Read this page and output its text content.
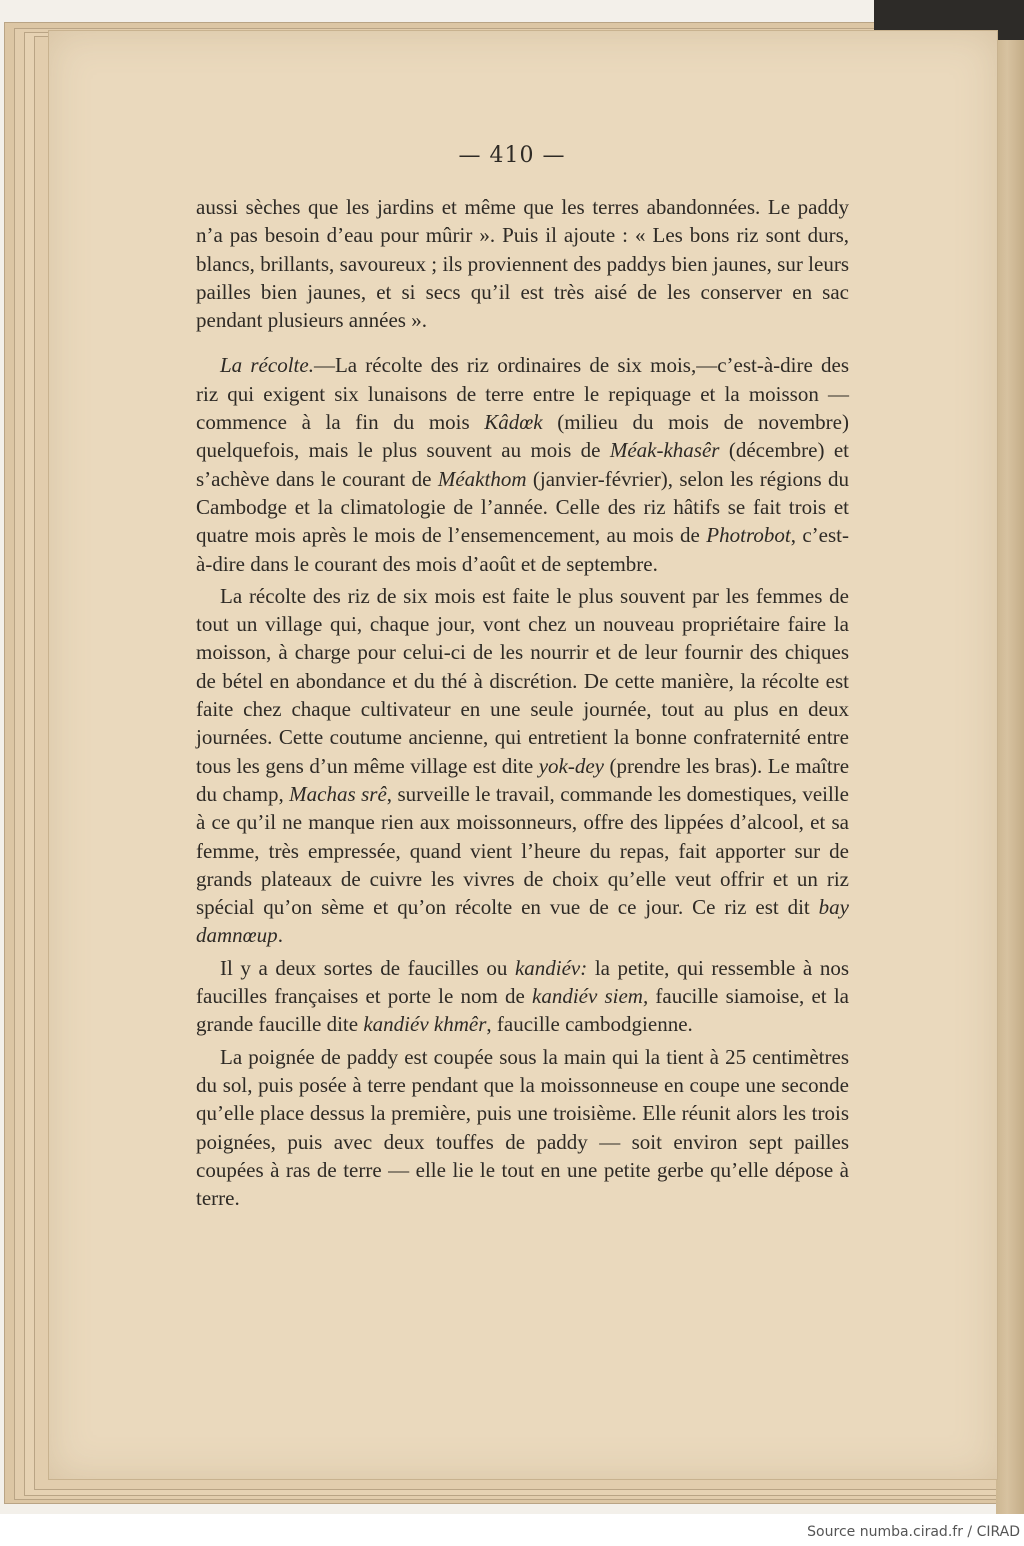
— 410 —

aussi sèches que les jardins et même que les terres abandonnées. Le paddy n’a pas besoin d’eau pour mûrir ». Puis il ajoute : « Les bons riz sont durs, blancs, brillants, savoureux ; ils proviennent des paddys bien jaunes, sur leurs pailles bien jaunes, et si secs qu’il est très aisé de les conserver en sac pendant plusieurs années ».

La récolte.—La récolte des riz ordinaires de six mois,—c’est-à-dire des riz qui exigent six lunaisons de terre entre le repiquage et la moisson — commence à la fin du mois Kâdœk (milieu du mois de novembre) quelquefois, mais le plus souvent au mois de Méak-khasêr (décembre) et s’achève dans le courant de Méakthom (janvier-février), selon les régions du Cambodge et la climatologie de l’année. Celle des riz hâtifs se fait trois et quatre mois après le mois de l’ensemencement, au mois de Photrobot, c’est-à-dire dans le courant des mois d’août et de septembre.

La récolte des riz de six mois est faite le plus souvent par les femmes de tout un village qui, chaque jour, vont chez un nouveau propriétaire faire la moisson, à charge pour celui-ci de les nourrir et de leur fournir des chiques de bétel en abondance et du thé à discrétion. De cette manière, la récolte est faite chez chaque cultivateur en une seule journée, tout au plus en deux journées. Cette coutume ancienne, qui entretient la bonne confraternité entre tous les gens d’un même village est dite yok-dey (prendre les bras). Le maître du champ, Machas srê, surveille le travail, commande les domestiques, veille à ce qu’il ne manque rien aux moissonneurs, offre des lippées d’alcool, et sa femme, très empressée, quand vient l’heure du repas, fait apporter sur de grands plateaux de cuivre les vivres de choix qu’elle veut offrir et un riz spécial qu’on sème et qu’on récolte en vue de ce jour. Ce riz est dit bay damnœup.

Il y a deux sortes de faucilles ou kandiév: la petite, qui ressemble à nos faucilles françaises et porte le nom de kandiév siem, faucille siamoise, et la grande faucille dite kandiév khmêr, faucille cambodgienne.

La poignée de paddy est coupée sous la main qui la tient à 25 centimètres du sol, puis posée à terre pendant que la moissonneuse en coupe une seconde qu’elle place dessus la première, puis une troisième. Elle réunit alors les trois poignées, puis avec deux touffes de paddy — soit environ sept pailles coupées à ras de terre — elle lie le tout en une petite gerbe qu’elle dépose à terre.

Source numba.cirad.fr / CIRAD
